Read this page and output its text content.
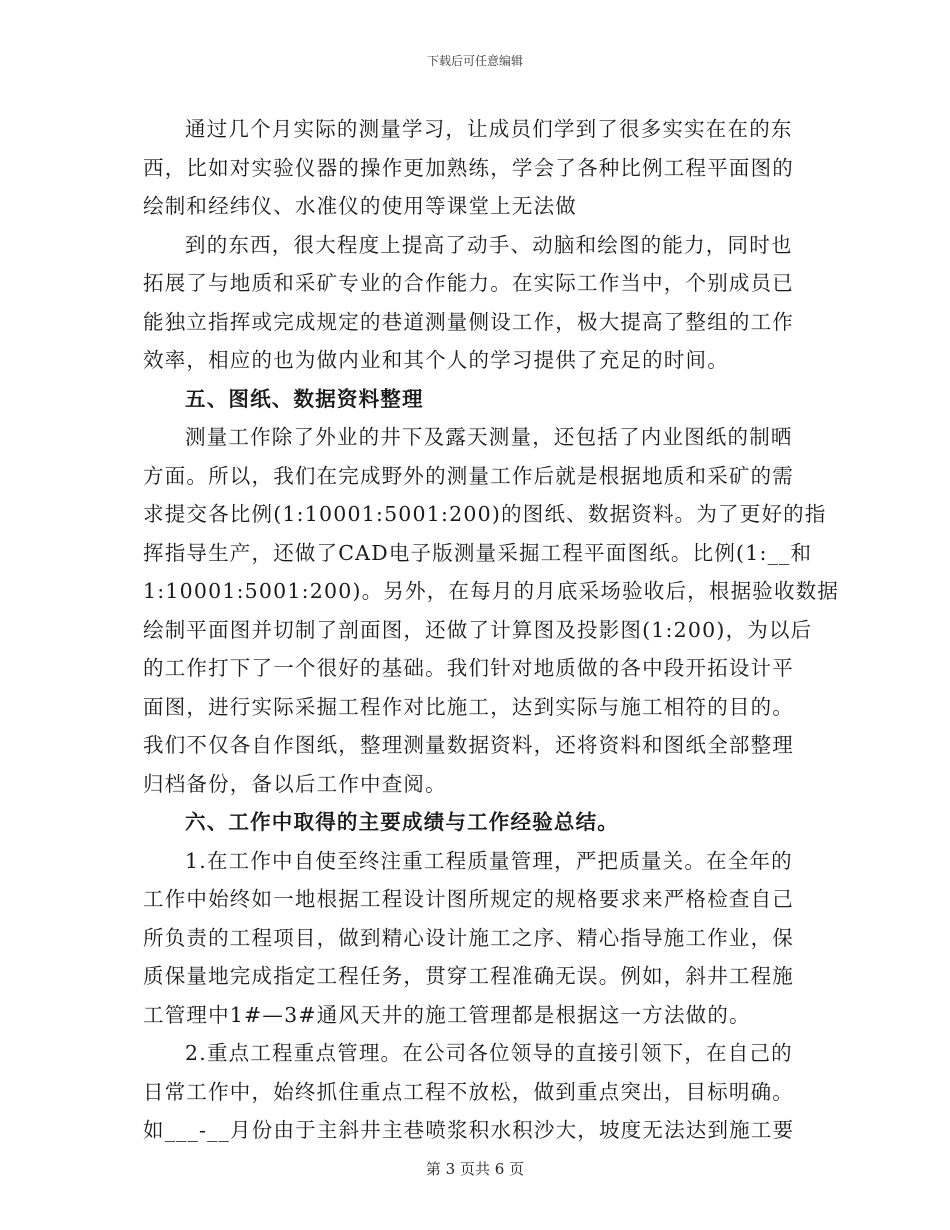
下载后可任意编辑
通过几个月实际的测量学习，让成员们学到了很多实实在在的东
西，比如对实验仪器的操作更加熟练，学会了各种比例工程平面图的
绘制和经纬仪、水准仪的使用等课堂上无法做
到的东西，很大程度上提高了动手、动脑和绘图的能力，同时也
拓展了与地质和采矿专业的合作能力。在实际工作当中，个别成员已
能独立指挥或完成规定的巷道测量侧设工作，极大提高了整组的工作
效率，相应的也为做内业和其个人的学习提供了充足的时间。
五、图纸、数据资料整理
测量工作除了外业的井下及露天测量，还包括了内业图纸的制晒
方面。所以，我们在完成野外的测量工作后就是根据地质和采矿的需
求提交各比例(1:10001:5001:200)的图纸、数据资料。为了更好的指
挥指导生产，还做了CAD电子版测量采掘工程平面图纸。比例(1:__和
1:10001:5001:200)。另外，在每月的月底采场验收后，根据验收数据
绘制平面图并切制了剖面图，还做了计算图及投影图(1:200)，为以后
的工作打下了一个很好的基础。我们针对地质做的各中段开拓设计平
面图，进行实际采掘工程作对比施工，达到实际与施工相符的目的。
我们不仅各自作图纸，整理测量数据资料，还将资料和图纸全部整理
归档备份，备以后工作中查阅。
六、工作中取得的主要成绩与工作经验总结。
1.在工作中自使至终注重工程质量管理，严把质量关。在全年的
工作中始终如一地根据工程设计图所规定的规格要求来严格检查自己
所负责的工程项目，做到精心设计施工之序、精心指导施工作业，保
质保量地完成指定工程任务，贯穿工程准确无误。例如，斜井工程施
工管理中1#—3#通风天井的施工管理都是根据这一方法做的。
2.重点工程重点管理。在公司各位领导的直接引领下，在自己的
日常工作中，始终抓住重点工程不放松，做到重点突出，目标明确。
如___-__月份由于主斜井主巷喷浆积水积沙大，坡度无法达到施工要
第 3 页共 6 页
